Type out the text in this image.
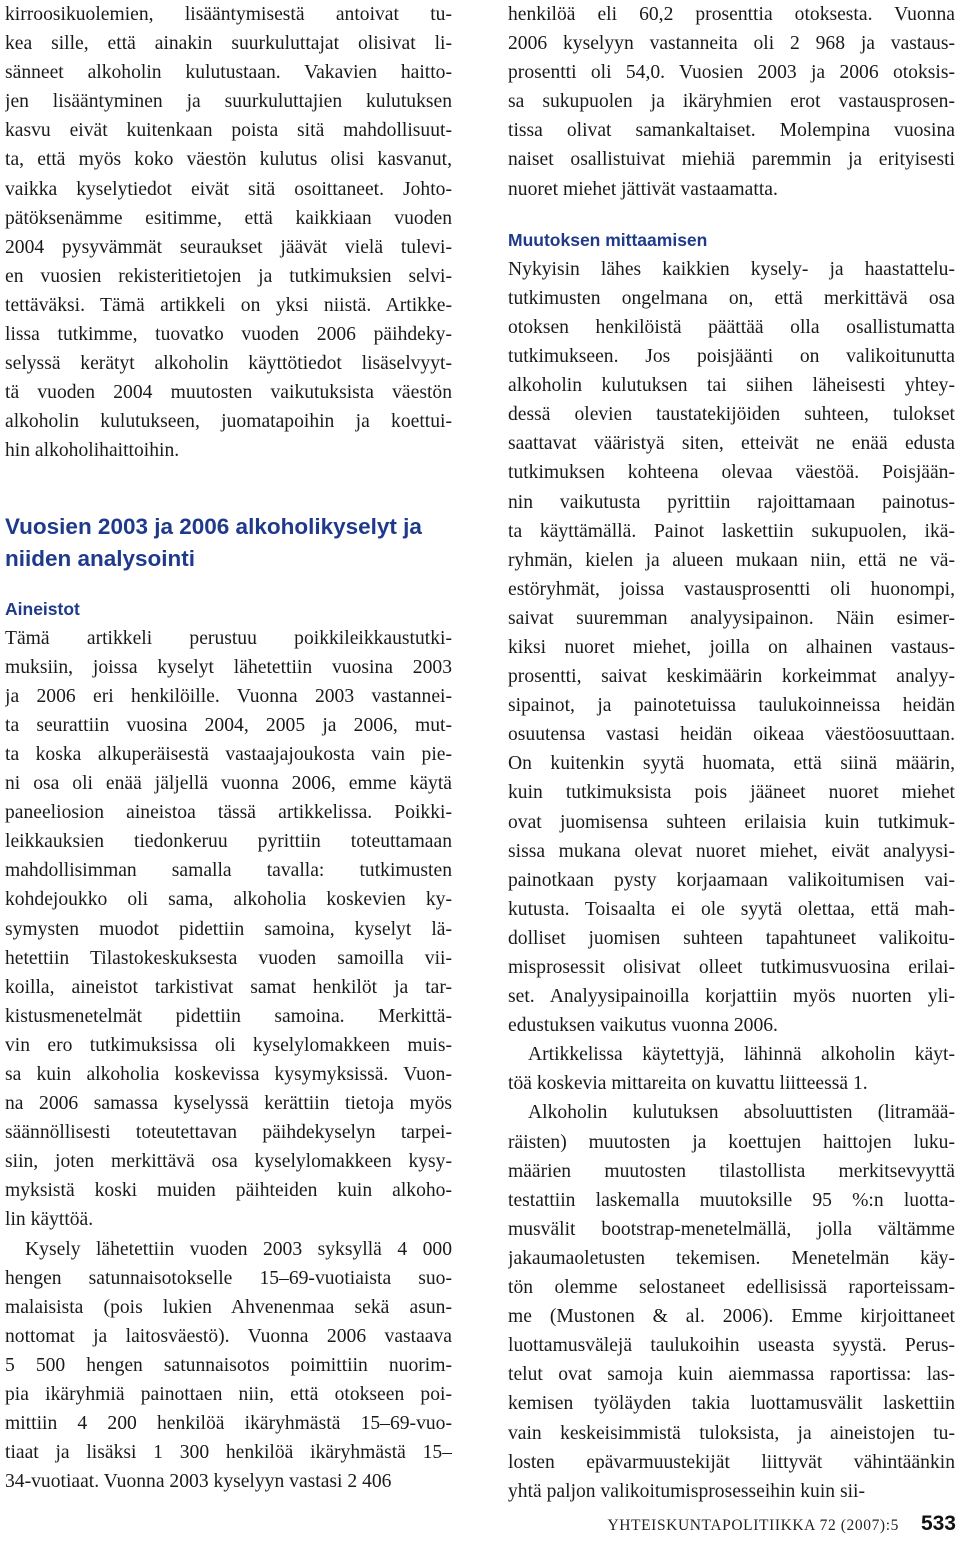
kirroosikuolemien, lisääntymisestä antoivat tu-
kea sille, että ainakin suurkuluttajat olisivat li-
sänneet alkoholin kulutustaan. Vakavien haitto-
jen lisääntyminen ja suurkuluttajien kulutuksen
kasvu eivät kuitenkaan poista sitä mahdollisuut-
ta, että myös koko väestön kulutus olisi kasvanut,
vaikka kyselytiedot eivät sitä osoittaneet. Johto-
pätöksenämme esitimme, että kaikkiaan vuoden
2004 pysyvämmät seuraukset jäävät vielä tulevi-
en vuosien rekisteritietojen ja tutkimuksien selvi-
tettäväksi. Tämä artikkeli on yksi niistä. Artikke-
lissa tutkimme, tuovatko vuoden 2006 päihdeky-
selyssä kerätyt alkoholin käyttötiedot lisäselvyyt-
tä vuoden 2004 muutosten vaikutuksista väestön
alkoholin kulutukseen, juomatapoihin ja koettui-
hin alkoholihaittoihin.
Vuosien 2003 ja 2006 alkoholikyselyt ja
niiden analysointi
Aineistot
Tämä artikkeli perustuu poikkileikkaustutki-
muksiin, joissa kyselyt lähetettiin vuosina 2003
ja 2006 eri henkilöille. Vuonna 2003 vastannei-
ta seurattiin vuosina 2004, 2005 ja 2006, mut-
ta koska alkuperäisestä vastaajajoukosta vain pie-
ni osa oli enää jäljellä vuonna 2006, emme käytä
paneeliosion aineistoa tässä artikkelissa. Poikki-
leikkauksien tiedonkeruu pyrittiin toteuttamaan
mahdollisimman samalla tavalla: tutkimusten
kohdejoukko oli sama, alkoholia koskevien ky-
symysten muodot pidettiin samoina, kyselyt lä-
hetettiin Tilastokeskuksesta vuoden samoilla vii-
koilla, aineistot tarkistivat samat henkilöt ja tar-
kistusmenetelmät pidettiin samoina. Merkittä-
vin ero tutkimuksissa oli kyselylomakkeen muis-
sa kuin alkoholia koskevissa kysymyksissä. Vuon-
na 2006 samassa kyselyssä kerättiin tietoja myös
säännöllisesti toteutettavan päihdekyselyn tarpei-
siin, joten merkittävä osa kyselylomakkeen kysy-
myksistä koski muiden päihteiden kuin alkoho-
lin käyttöä.
Kysely lähetettiin vuoden 2003 syksyllä 4 000
hengen satunnaisotokselle 15–69-vuotiaista suo-
malaisista (pois lukien Ahvenenmaa sekä asun-
nottomat ja laitosväestö). Vuonna 2006 vastaava
5 500 hengen satunnaisotos poimittiin nuorim-
pia ikäryhmiä painottaen niin, että otokseen poi-
mittiin 4 200 henkilöä ikäryhmästä 15–69-vuo-
tiaat ja lisäksi 1 300 henkilöä ikäryhmästä 15–
34-vuotiaat. Vuonna 2003 kyselyyn vastasi 2 406
henkilöä eli 60,2 prosenttia otoksesta. Vuonna
2006 kyselyyn vastanneita oli 2 968 ja vastaus-
prosentti oli 54,0. Vuosien 2003 ja 2006 otoksis-
sa sukupuolen ja ikäryhmien erot vastausprosen-
tissa olivat samankaltaiset. Molempina vuosina
naiset osallistuivat miehiä paremmin ja erityisesti
nuoret miehet jättivät vastaamatta.
Muutoksen mittaamisen
Nykyisin lähes kaikkien kysely- ja haastattelu-
tutkimusten ongelmana on, että merkittävä osa
otoksen henkilöistä päättää olla osallistumatta
tutkimukseen. Jos poisjäänti on valikoitunutta
alkoholin kulutuksen tai siihen läheisesti yhtey-
dessä olevien taustatekijöiden suhteen, tulokset
saattavat vääristyä siten, etteivät ne enää edusta
tutkimuksen kohteena olevaa väestöä. Poisjään-
nin vaikutusta pyrittiin rajoittamaan painotus-
ta käyttämällä. Painot laskettiin sukupuolen, ikä-
ryhmän, kielen ja alueen mukaan niin, että ne vä-
estöryhmät, joissa vastausprosentti oli huonompi,
saivat suuremman analyysipainon. Näin esimer-
kiksi nuoret miehet, joilla on alhainen vastaus-
prosentti, saivat keskimäärin korkeimmat analyy-
sipainot, ja painotetuissa taulukoinneissa heidän
osuutensa vastasi heidän oikeaa väestöosuuttaan.
On kuitenkin syytä huomata, että siinä määrin,
kuin tutkimuksista pois jääneet nuoret miehet
ovat juomisensa suhteen erilaisia kuin tutkimuk-
sissa mukana olevat nuoret miehet, eivät analyysi-
painotkaan pysty korjaamaan valikoitumisen vai-
kutusta. Toisaalta ei ole syytä olettaa, että mah-
dolliset juomisen suhteen tapahtuneet valikoitu-
misprosessit olisivat olleet tutkimusvuosina erilai-
set. Analyysipainoilla korjattiin myös nuorten yli-
edustuksen vaikutus vuonna 2006.
Artikkelissa käytettyjä, lähinnä alkoholin käyt-
töä koskevia mittareita on kuvattu liitteessä 1.
Alkoholin kulutuksen absoluuttisten (litramää-
räisten) muutosten ja koettujen haittojen luku-
määrien muutosten tilastollista merkitsevyyttä
testattiin laskemalla muutoksille 95 %:n luotta-
musvälit bootstrap-menetelmällä, jolla vältämme
jakaumaoletusten tekemisen. Menetelmän käy-
tön olemme selostaneet edellisissä raporteissam-
me (Mustonen & al. 2006). Emme kirjoittaneet
luottamusvälejä taulukoihin useasta syystä. Perus-
telut ovat samoja kuin aiemmassa raportissa: las-
kemisen työläyden takia luottamusvälit laskettiin
vain keskeisimmistä tuloksista, ja aineistojen tu-
losten epävarmuustekijät liittyvät vähintäänkin
yhtä paljon valikoitumisprosesseihin kuin sii-
YHTEISKUNTAPOLITIIKKA 72 (2007):5 533
